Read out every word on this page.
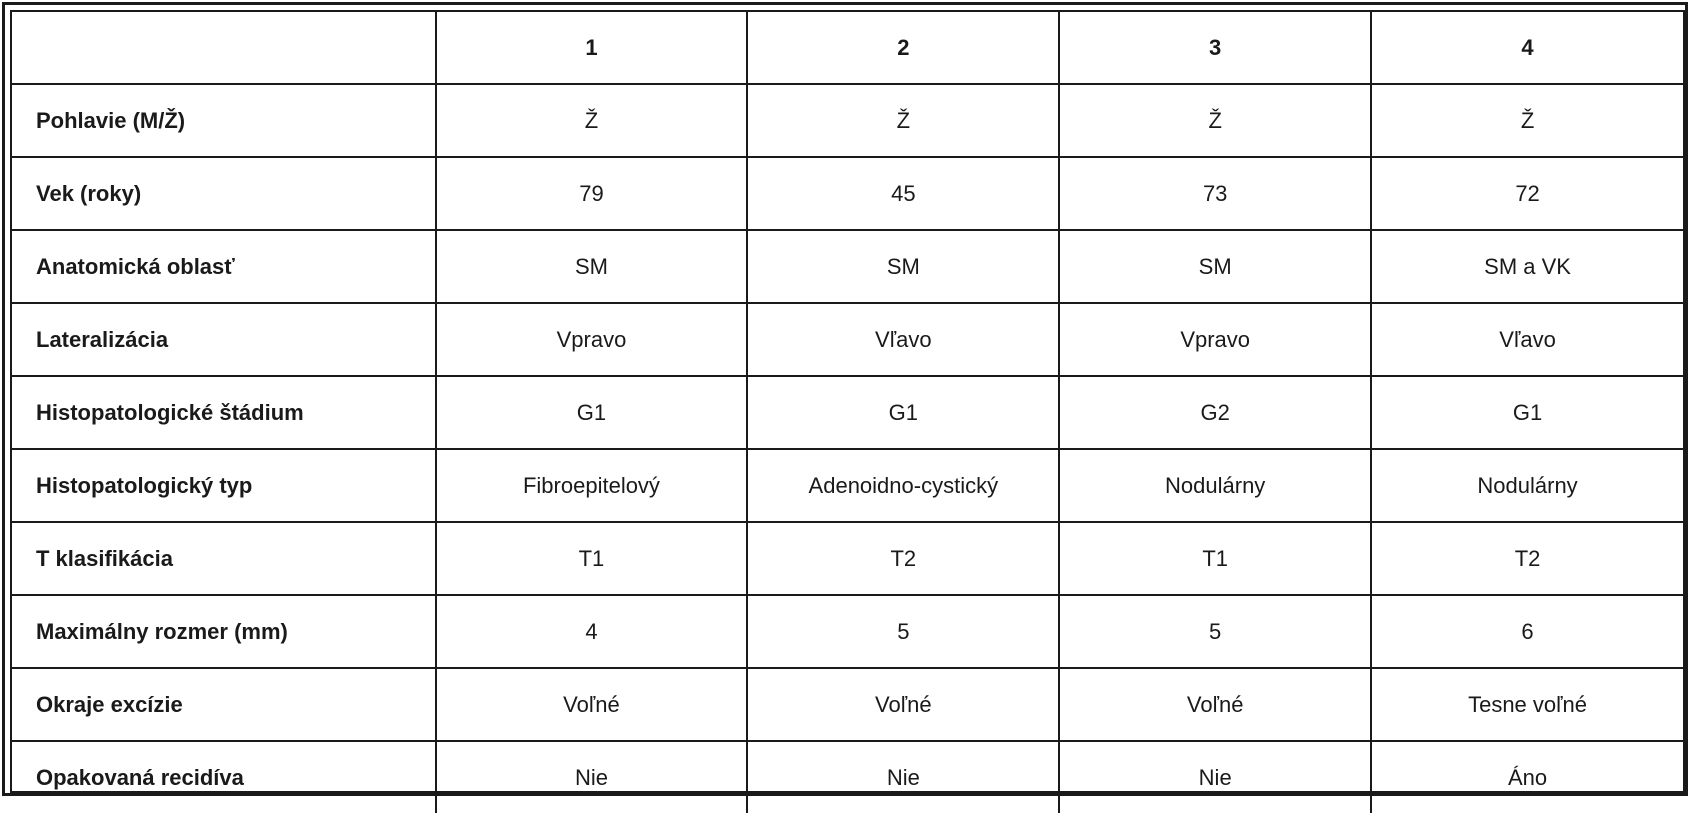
	1	2	3	4
Pohlavie (M/Ž)	Ž	Ž	Ž	Ž
Vek (roky)	79	45	73	72
Anatomická oblasť	SM	SM	SM	SM a VK
Lateralizácia	Vpravo	Vľavo	Vpravo	Vľavo
Histopatologické štádium	G1	G1	G2	G1
Histopatologický typ	Fibroepitelový	Adenoidno-cystický	Nodulárny	Nodulárny
T klasifikácia	T1	T2	T1	T2
Maximálny rozmer (mm)	4	5	5	6
Okraje excízie	Voľné	Voľné	Voľné	Tesne voľné
Opakovaná recidíva	Nie	Nie	Nie	Áno
